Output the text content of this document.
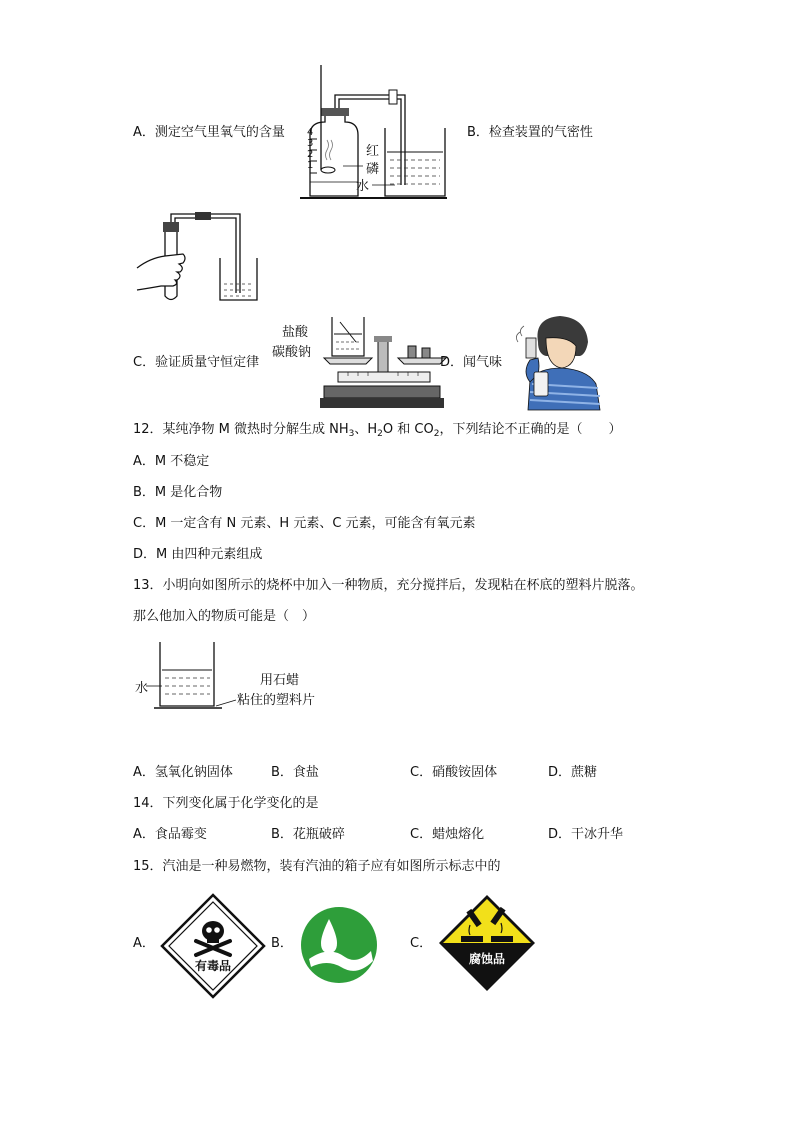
A．测定空气里氧气的含量 4
3
2
1
红
磷
水
B．检查装置的气密性
C．验证质量守恒定律
盐酸
碳酸钠
D．闻气味
12．某纯净物 M 微热时分解生成 $NH_3$、$H_2O$ 和 $CO_2$，下列结论不正确的是（　　）
A．M 不稳定
B．M 是化合物
C．M 一定含有 N 元素、H 元素、C 元素，可能含有氧元素
D．M 由四种元素组成
13．小明向如图所示的烧杯中加入一种物质，充分搅拌后，发现粘在杯底的塑料片脱落。
那么他加入的物质可能是（　）
水
用石蜡
粘住的塑料片
A．氢氧化钠固体	B．食盐	C．硝酸铵固体	D．蔗糖
14．下列变化属于化学变化的是
A．食品霉变	B．花瓶破碎	C．蜡烛熔化	D．干冰升华
15．汽油是一种易燃物，装有汽油的箱子应有如图所示标志中的
A．
有毒品
B．	C．
腐蚀品
